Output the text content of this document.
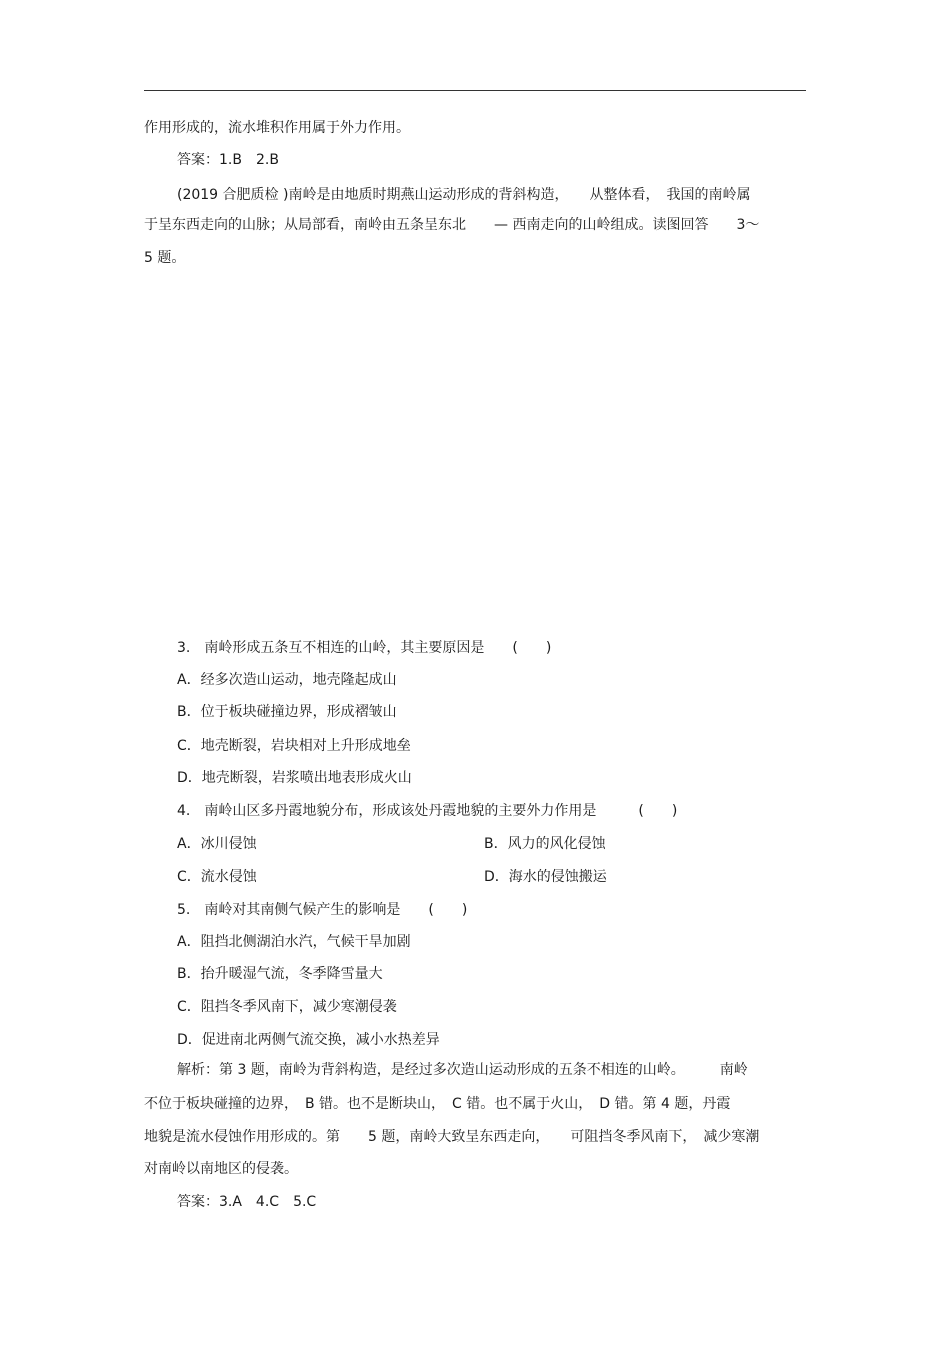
作用形成的，流水堆积作用属于外力作用。
答案：1.B　2.B
(2019 合肥质检 )南岭是由地质时期燕山运动形成的背斜构造，　　从整体看，　我国的南岭属
于呈东西走向的山脉；从局部看，南岭由五条呈东北　　— 西南走向的山岭组成。读图回答　　3～
5 题。
3.　南岭形成五条互不相连的山岭，其主要原因是　　(　　)
A．经多次造山运动，地壳隆起成山
B．位于板块碰撞边界，形成褶皱山
C．地壳断裂，岩块相对上升形成地垒
D．地壳断裂，岩浆喷出地表形成火山
4.　南岭山区多丹霞地貌分布，形成该处丹霞地貌的主要外力作用是　　　(　　)
A．冰川侵蚀	B．风力的风化侵蚀
C．流水侵蚀	D．海水的侵蚀搬运
5.　南岭对其南侧气候产生的影响是　　(　　)
A．阻挡北侧湖泊水汽，气候干旱加剧
B．抬升暖湿气流，冬季降雪量大
C．阻挡冬季风南下，减少寒潮侵袭
D．促进南北两侧气流交换，减小水热差异
解析：第 3 题，南岭为背斜构造，是经过多次造山运动形成的五条不相连的山岭。　　　南岭
不位于板块碰撞的边界，　B 错。也不是断块山，　C 错。也不属于火山，　D 错。第 4 题，丹霞
地貌是流水侵蚀作用形成的。第　　5 题，南岭大致呈东西走向，　　可阻挡冬季风南下，　减少寒潮
对南岭以南地区的侵袭。
答案：3.A　4.C　5.C
